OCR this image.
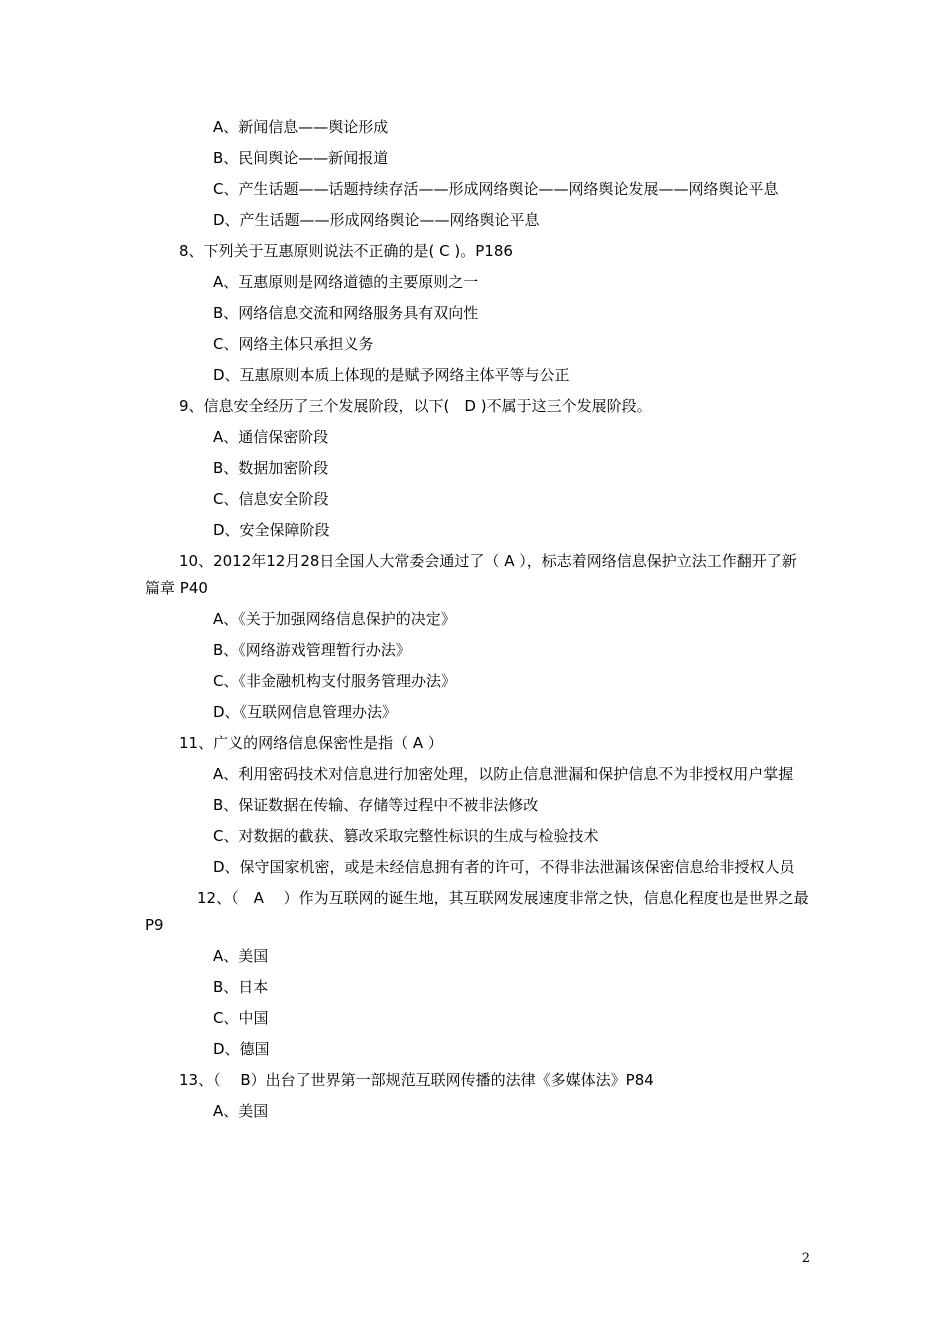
A、新闻信息——舆论形成

B、民间舆论——新闻报道

C、产生话题——话题持续存活——形成网络舆论——网络舆论发展——网络舆论平息

D、产生话题——形成网络舆论——网络舆论平息

8、下列关于互惠原则说法不正确的是( C )。P186

A、互惠原则是网络道德的主要原则之一

B、网络信息交流和网络服务具有双向性

C、网络主体只承担义务

D、互惠原则本质上体现的是赋予网络主体平等与公正

9、信息安全经历了三个发展阶段，以下(　D )不属于这三个发展阶段。

A、通信保密阶段

B、数据加密阶段

C、信息安全阶段

D、安全保障阶段

10、2012年12月28日全国人大常委会通过了（ A ），标志着网络信息保护立法工作翻开了新篇章 P40

A、《关于加强网络信息保护的决定》

B、《网络游戏管理暂行办法》

C、《非金融机构支付服务管理办法》

D、《互联网信息管理办法》

11、广义的网络信息保密性是指（ A ）

A、利用密码技术对信息进行加密处理，以防止信息泄漏和保护信息不为非授权用户掌握

B、保证数据在传输、存储等过程中不被非法修改

C、对数据的截获、篡改采取完整性标识的生成与检验技术

D、保守国家机密，或是未经信息拥有者的许可，不得非法泄漏该保密信息给非授权人员

12、（　A　 ）作为互联网的诞生地，其互联网发展速度非常之快，信息化程度也是世界之最 P9

A、美国

B、日本

C、中国

D、德国

13、（　 B）出台了世界第一部规范互联网传播的法律《多媒体法》P84

A、美国

2
